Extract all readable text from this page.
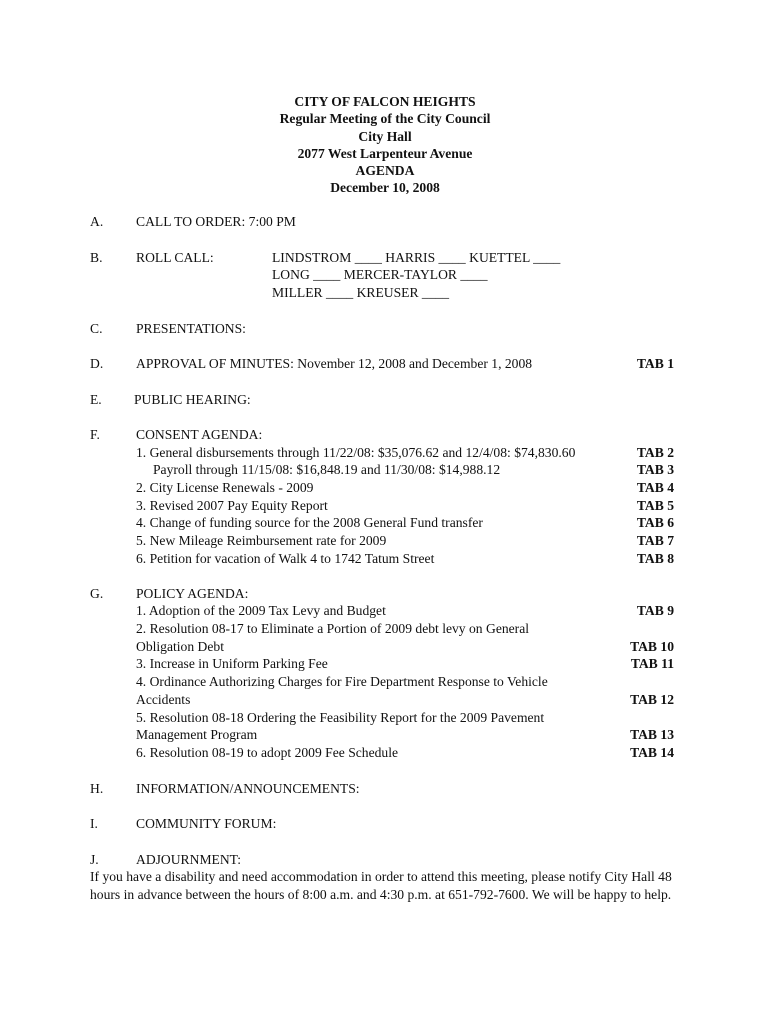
CITY OF FALCON HEIGHTS
Regular Meeting of the City Council
City Hall
2077 West Larpenteur Avenue
AGENDA
December 10, 2008
A. CALL TO ORDER: 7:00 PM
B. ROLL CALL:	LINDSTROM ____ HARRIS ____ KUETTEL ____
LONG ____ MERCER-TAYLOR ____
MILLER ____ KREUSER ____
C. PRESENTATIONS:
D. APPROVAL OF MINUTES: November 12, 2008 and December 1, 2008	TAB 1
E. PUBLIC HEARING:
F.	CONSENT AGENDA:
1. General disbursements through 11/22/08: $35,076.62 and 12/4/08: $74,830.60	TAB 2
Payroll through 11/15/08: $16,848.19 and 11/30/08: $14,988.12	TAB 3
2. City License Renewals - 2009	TAB 4
3. Revised 2007 Pay Equity Report	TAB 5
4. Change of funding source for the 2008 General Fund transfer	TAB 6
5. New Mileage Reimbursement rate for 2009	TAB 7
6. Petition for vacation of Walk 4 to 1742 Tatum Street	TAB 8
G. POLICY AGENDA:
1. Adoption of the 2009 Tax Levy and Budget	TAB 9
2. Resolution 08-17 to Eliminate a Portion of 2009 debt levy on General
Obligation Debt	TAB 10
3. Increase in Uniform Parking Fee	TAB 11
4. Ordinance Authorizing Charges for Fire Department Response to Vehicle
Accidents	TAB 12
5. Resolution 08-18 Ordering the Feasibility Report for the 2009 Pavement
Management Program	TAB 13
6. Resolution 08-19 to adopt 2009 Fee Schedule	TAB 14
H. INFORMATION/ANNOUNCEMENTS:
I.	COMMUNITY FORUM:
J.	ADJOURNMENT:
If you have a disability and need accommodation in order to attend this meeting, please notify City Hall 48 hours in advance between the hours of 8:00 a.m. and 4:30 p.m. at 651-792-7600. We will be happy to help.
